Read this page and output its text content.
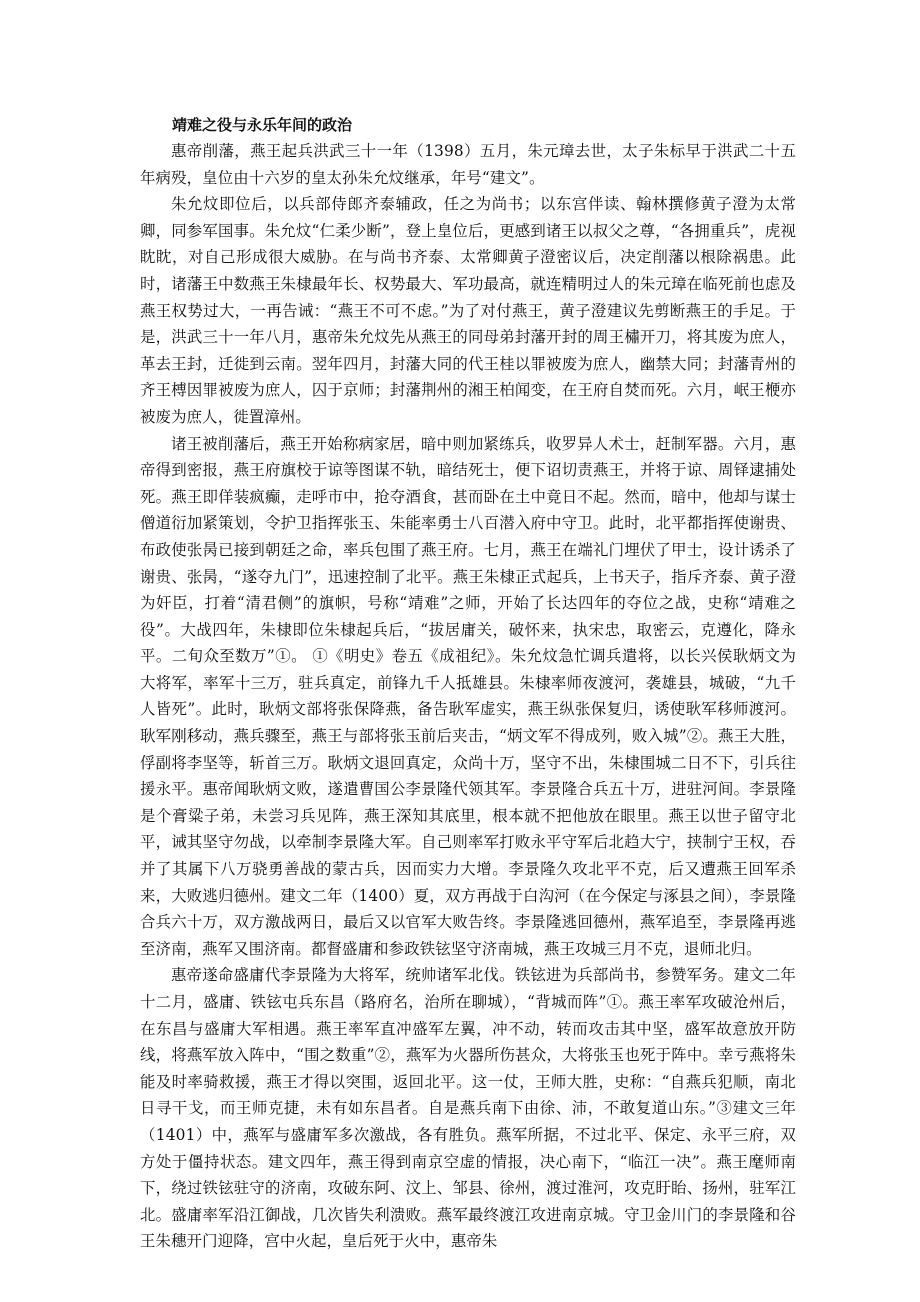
靖难之役与永乐年间的政治

惠帝削藩，燕王起兵洪武三十一年（1398）五月，朱元璋去世，太子朱标早于洪武二十五年病殁，皇位由十六岁的皇太孙朱允炆继承，年号“建文”。

朱允炆即位后，以兵部侍郎齐泰辅政，任之为尚书；以东宫伴读、翰林撰修黄子澄为太常卿，同参军国事。朱允炆“仁柔少断”，登上皇位后，更感到诸王以叔父之尊，“各拥重兵”，虎视眈眈，对自己形成很大威胁。在与尚书齐泰、太常卿黄子澄密议后，决定削藩以根除祸患。此时，诸藩王中数燕王朱棣最年长、权势最大、军功最高，就连精明过人的朱元璋在临死前也虑及燕王权势过大，一再告诫：“燕王不可不虑。”为了对付燕王，黄子澄建议先剪断燕王的手足。于是，洪武三十一年八月，惠帝朱允炆先从燕王的同母弟封藩开封的周王橚开刀，将其废为庶人，革去王封，迁徙到云南。翌年四月，封藩大同的代王桂以罪被废为庶人，幽禁大同；封藩青州的齐王榑因罪被废为庶人，囚于京师；封藩荆州的湘王柏闻变，在王府自焚而死。六月，岷王楩亦被废为庶人，徙置漳州。

诸王被削藩后，燕王开始称病家居，暗中则加紧练兵，收罗异人术士，赶制军器。六月，惠帝得到密报，燕王府旗校于谅等图谋不轨，暗结死士，便下诏切责燕王，并将于谅、周铎逮捕处死。燕王即佯装疯癫，走呼市中，抢夺酒食，甚而卧在土中竟日不起。然而，暗中，他却与谋士僧道衍加紧策划，令护卫指挥张玉、朱能率勇士八百潜入府中守卫。此时，北平都指挥使谢贵、布政使张昺已接到朝廷之命，率兵包围了燕王府。七月，燕王在端礼门埋伏了甲士，设计诱杀了谢贵、张昺，“遂夺九门”，迅速控制了北平。燕王朱棣正式起兵，上书天子，指斥齐泰、黄子澄为奸臣，打着“清君侧”的旗帜，号称“靖难”之师，开始了长达四年的夺位之战，史称“靖难之役”。大战四年，朱棣即位朱棣起兵后，“拔居庸关，破怀来，执宋忠，取密云，克遵化，降永平。二旬众至数万”①。 ①《明史》卷五《成祖纪》。朱允炆急忙调兵遣将，以长兴侯耿炳文为大将军，率军十三万，驻兵真定，前锋九千人抵雄县。朱棣率师夜渡河，袭雄县，城破，“九千人皆死”。此时，耿炳文部将张保降燕，备告耿军虚实，燕王纵张保复归，诱使耿军移师渡河。耿军刚移动，燕兵骤至，燕王与部将张玉前后夹击，“炳文军不得成列，败入城”②。燕王大胜，俘副将李坚等，斩首三万。耿炳文退回真定，众尚十万，坚守不出，朱棣围城二日不下，引兵往援永平。惠帝闻耿炳文败，遂遣曹国公李景隆代领其军。李景隆合兵五十万，进驻河间。李景隆是个膏粱子弟，未尝习兵见阵，燕王深知其底里，根本就不把他放在眼里。燕王以世子留守北平，诫其坚守勿战，以牵制李景隆大军。自己则率军打败永平守军后北趋大宁，挟制宁王权，吞并了其属下八万骁勇善战的蒙古兵，因而实力大增。李景隆久攻北平不克，后又遭燕王回军杀来，大败逃归德州。建文二年（1400）夏，双方再战于白沟河（在今保定与涿县之间），李景隆合兵六十万，双方激战两日，最后又以官军大败告终。李景隆逃回德州，燕军追至，李景隆再逃至济南，燕军又围济南。都督盛庸和参政铁铉坚守济南城，燕王攻城三月不克，退师北归。

惠帝遂命盛庸代李景隆为大将军，统帅诸军北伐。铁铉进为兵部尚书，参赞军务。建文二年十二月，盛庸、铁铉屯兵东昌（路府名，治所在聊城），“背城而阵”①。燕王率军攻破沧州后，在东昌与盛庸大军相遇。燕王率军直冲盛军左翼，冲不动，转而攻击其中坚，盛军故意放开防线，将燕军放入阵中，“围之数重”②，燕军为火器所伤甚众，大将张玉也死于阵中。幸亏燕将朱能及时率骑救援，燕王才得以突围，返回北平。这一仗，王师大胜，史称：“自燕兵犯顺，南北日寻干戈，而王师克捷，未有如东昌者。自是燕兵南下由徐、沛，不敢复道山东。”③建文三年（1401）中，燕军与盛庸军多次激战，各有胜负。燕军所据，不过北平、保定、永平三府，双方处于僵持状态。建文四年，燕王得到南京空虚的情报，决心南下，“临江一决”。燕王麾师南下，绕过铁铉驻守的济南，攻破东阿、汶上、邹县、徐州，渡过淮河，攻克盱眙、扬州，驻军江北。盛庸率军沿江御战，几次皆失利溃败。燕军最终渡江攻进南京城。守卫金川门的李景隆和谷王朱穗开门迎降，宫中火起，皇后死于火中，惠帝朱
